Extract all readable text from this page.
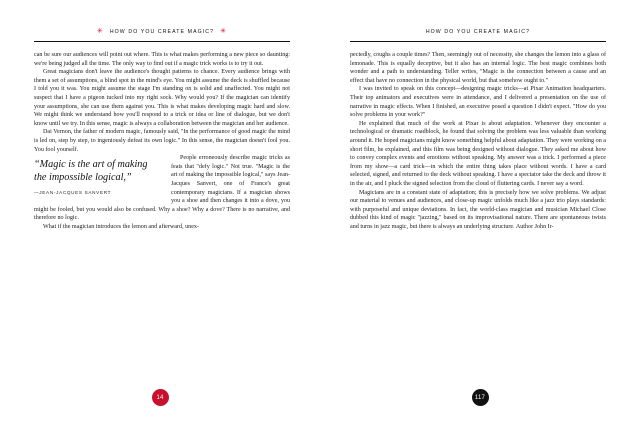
✳ HOW DO YOU CREATE MAGIC? ✳

can be sure our audiences will point out where. This is what makes performing a new piece so daunting: we're being judged all the time. The only way to find out if a magic trick works is to try it out.

Great magicians don't leave the audience's thought patterns to chance. Every audience brings with them a set of assumptions, a blind spot in the mind's eye. You might assume the deck is shuffled because I told you it was. You might assume the stage I'm standing on is solid and unaffected. You might not suspect that I have a pigeon tucked into my right sock. Why would you? If the magician can identify your assumptions, she can use them against you. This is what makes developing magic hard and slow. We might think we understand how you'll respond to a trick or idea or line of dialogue, but we don't know until we try. In this sense, magic is always a collaboration between the magician and her audience.

Dai Vernon, the father of modern magic, famously said, "In the performance of good magic the mind is led on, step by step, to ingeniously defeat its own logic." In this sense, the magician doesn't fool you. You fool yourself.

“Magic is the art of making the impossible logical,”

—JEAN-JACQUES SANVERT

People erroneously describe magic tricks as feats that "defy logic." Not true. "Magic is the art of making the impossible logical," says Jean-Jacques Sanvert, one of France's great contemporary magicians. If a magician shows you a shoe and then changes it into a dove, you might be fooled, but you would also be confused. Why a shoe? Why a dove? There is no narrative, and therefore no logic.

What if the magician introduces the lemon and afterward, unex-

14
HOW DO YOU CREATE MAGIC?

pectedly, coughs a couple times? Then, seemingly out of necessity, she changes the lemon into a glass of lemonade. This is equally deceptive, but it also has an internal logic. The best magic combines both wonder and a path to understanding. Teller writes, "Magic is the connection between a cause and an effect that have no connection in the physical world, but that somehow ought to."

I was invited to speak on this concept—designing magic tricks—at Pixar Animation headquarters. Their top animators and executives were in attendance, and I delivered a presentation on the use of narrative in magic effects. When I finished, an executive posed a question I didn't expect. "How do you solve problems in your work?"

He explained that much of the work at Pixar is about adaptation. Whenever they encounter a technological or dramatic roadblock, he found that solving the problem was less valuable than working around it. He hoped magicians might know something helpful about adaptation. They were working on a short film, he explained, and this film was being designed without dialogue. They asked me about how to convey complex events and emotions without speaking. My answer was a trick. I performed a piece from my show—a card trick—in which the entire thing takes place without words. I have a card selected, signed, and returned to the deck without speaking. I have a spectator take the deck and throw it in the air, and I pluck the signed selection from the cloud of fluttering cards. I never say a word.

Magicians are in a constant state of adaptation; this is precisely how we solve problems. We adjust our material to venues and audiences, and close-up magic unfolds much like a jazz trio plays standards: with purposeful and unique deviations. In fact, the world-class magician and musician Michael Close dubbed this kind of magic "jazzing," based on its improvisational nature. There are spontaneous twists and turns in jazz magic, but there is always an underlying structure. Author John Ir-

117
